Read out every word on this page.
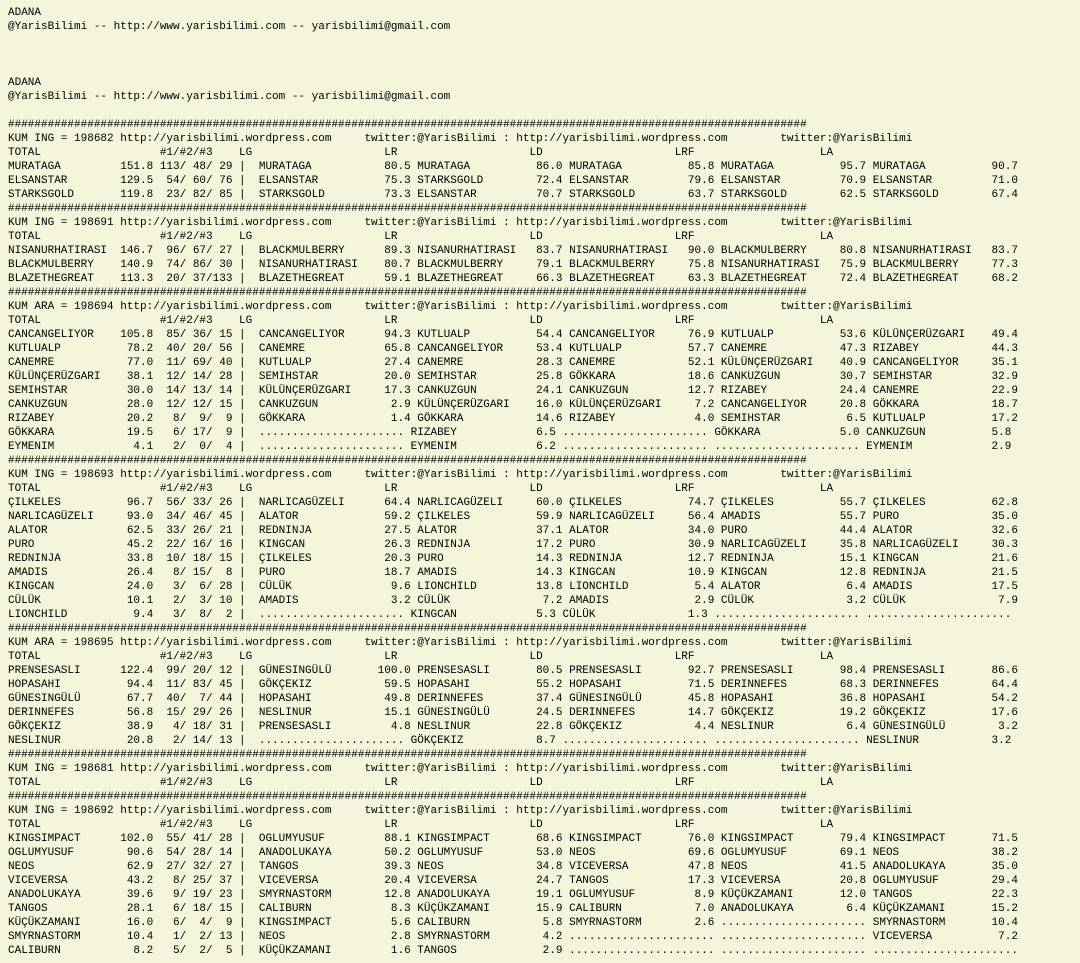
ADANA
@YarisBilimi -- http://www.yarisbilimi.com -- yarisbilimi@gmail.com
ADANA
@YarisBilimi -- http://www.yarisbilimi.com -- yarisbilimi@gmail.com
#########################################################################################################################
KUM ING = 198682 http://yarisbilimi.wordpress.com     twitter:@YarisBilimi : http://yarisbilimi.wordpress.com        twitter:@YarisBilimi
TOTAL                  #1/#2/#3    LG                    LR                    LD                    LRF                   LA
MURATAGA         151.8 113/ 48/ 29 |  MURATAGA           80.5 MURATAGA          86.0 MURATAGA          85.8 MURATAGA          95.7 MURATAGA          90.7
ELSANSTAR        129.5  54/ 60/ 76 |  ELSANSTAR          75.3 STARKSGOLD        72.4 ELSANSTAR         79.6 ELSANSTAR         70.9 ELSANSTAR         71.0
STARKSGOLD       119.8  23/ 82/ 85 |  STARKSGOLD         73.3 ELSANSTAR         70.7 STARKSGOLD        63.7 STARKSGOLD        62.5 STARKSGOLD        67.4
#########################################################################################################################
KUM ING = 198691 http://yarisbilimi.wordpress.com     twitter:@YarisBilimi : http://yarisbilimi.wordpress.com        twitter:@YarisBilimi
TOTAL                  #1/#2/#3    LG                    LR                    LD                    LRF                   LA
NISANURHATIRASI  146.7  96/ 67/ 27 |  BLACKMULBERRY      89.3 NISANURHATIRASI   83.7 NISANURHATIRASI   90.0 BLACKMULBERRY     80.8 NISANURHATIRASI   83.7
BLACKMULBERRY    140.9  74/ 86/ 30 |  NISANURHATIRASI    80.7 BLACKMULBERRY     79.1 BLACKMULBERRY     75.8 NISANURHATIRASI   75.9 BLACKMULBERRY     77.3
BLAZETHEGREAT    113.3  20/ 37/133 |  BLAZETHEGREAT      59.1 BLAZETHEGREAT     66.3 BLAZETHEGREAT     63.3 BLAZETHEGREAT     72.4 BLAZETHEGREAT     68.2
#########################################################################################################################
KUM ARA = 198694 http://yarisbilimi.wordpress.com     twitter:@YarisBilimi : http://yarisbilimi.wordpress.com        twitter:@YarisBilimi
TOTAL                  #1/#2/#3    LG                    LR                    LD                    LRF                   LA
CANCANGELIYOR    105.8  85/ 36/ 15 |  CANCANGELIYOR      94.3 KUTLUALP          54.4 CANCANGELIYOR     76.9 KUTLUALP          53.6 KÜLÜNÇERÜZGARI    49.4
KUTLUALP          78.2  40/ 20/ 56 |  CANEMRE            65.8 CANCANGELIYOR     53.4 KUTLUALP          57.7 CANEMRE           47.3 RIZABEY           44.3
CANEMRE           77.0  11/ 69/ 40 |  KUTLUALP           27.4 CANEMRE           28.3 CANEMRE           52.1 KÜLÜNÇERÜZGARI    40.9 CANCANGELIYOR     35.1
KÜLÜNÇERÜZGARI    38.1  12/ 14/ 28 |  SEMIHSTAR          20.0 SEMIHSTAR         25.8 GÖKKARA           18.6 CANKUZGUN         30.7 SEMIHSTAR         32.9
SEMIHSTAR         30.0  14/ 13/ 14 |  KÜLÜNÇERÜZGARI     17.3 CANKUZGUN         24.1 CANKUZGUN         12.7 RIZABEY           24.4 CANEMRE           22.9
CANKUZGUN         28.0  12/ 12/ 15 |  CANKUZGUN           2.9 KÜLÜNÇERÜZGARI    16.0 KÜLÜNÇERÜZGARI     7.2 CANCANGELIYOR     20.8 GÖKKARA           18.7
RIZABEY           20.2   8/  9/  9 |  GÖKKARA             1.4 GÖKKARA           14.6 RIZABEY            4.0 SEMIHSTAR          6.5 KUTLUALP          17.2
GÖKKARA           19.5   6/ 17/  9 |  ...................... RIZABEY            6.5 ...................... GÖKKARA            5.0 CANKUZGUN          5.8
EYMENIM            4.1   2/  0/  4 |  ...................... EYMENIM            6.2 ...................... ...................... EYMENIM            2.9
#########################################################################################################################
KUM ING = 198693 http://yarisbilimi.wordpress.com     twitter:@YarisBilimi : http://yarisbilimi.wordpress.com        twitter:@YarisBilimi
TOTAL                  #1/#2/#3    LG                    LR                    LD                    LRF                   LA
ÇILKELES          96.7  56/ 33/ 26 |  NARLICAGÜZELI      64.4 NARLICAGÜZELI     60.0 ÇILKELES          74.7 ÇILKELES          55.7 ÇILKELES          62.8
NARLICAGÜZELI     93.0  34/ 46/ 45 |  ALATOR             59.2 ÇILKELES          59.9 NARLICAGÜZELI     56.4 AMADIS            55.7 PURO              35.0
ALATOR            62.5  33/ 26/ 21 |  REDNINJA           27.5 ALATOR            37.1 ALATOR            34.0 PURO              44.4 ALATOR            32.6
PURO              45.2  22/ 16/ 16 |  KINGCAN            26.3 REDNINJA          17.2 PURO              30.9 NARLICAGÜZELI     35.8 NARLICAGÜZELI     30.3
REDNINJA          33.8  10/ 18/ 15 |  ÇILKELES           20.3 PURO              14.3 REDNINJA          12.7 REDNINJA          15.1 KINGCAN           21.6
AMADIS            26.4   8/ 15/  8 |  PURO               18.7 AMADIS            14.3 KINGCAN           10.9 KINGCAN           12.8 REDNINJA          21.5
KINGCAN           24.0   3/  6/ 28 |  CÜLÜK               9.6 LIONCHILD         13.8 LIONCHILD          5.4 ALATOR             6.4 AMADIS            17.5
CÜLÜK             10.1   2/  3/ 10 |  AMADIS              3.2 CÜLÜK              7.2 AMADIS             2.9 CÜLÜK              3.2 CÜLÜK              7.9
LIONCHILD          9.4   3/  8/  2 |  ...................... KINGCAN            5.3 CÜLÜK              1.3 ...................... ......................
#########################################################################################################################
KUM ARA = 198695 http://yarisbilimi.wordpress.com     twitter:@YarisBilimi : http://yarisbilimi.wordpress.com        twitter:@YarisBilimi
TOTAL                  #1/#2/#3    LG                    LR                    LD                    LRF                   LA
PRENSESASLI      122.4  99/ 20/ 12 |  GÜNESINGÜLÜ       100.0 PRENSESASLI       80.5 PRENSESASLI       92.7 PRENSESASLI       98.4 PRENSESASLI       86.6
HOPASAHI          94.4  11/ 83/ 45 |  GÖKÇEKIZ           59.5 HOPASAHI          55.2 HOPASAHI          71.5 DERINNEFES        68.3 DERINNEFES        64.4
GÜNESINGÜLÜ       67.7  40/  7/ 44 |  HOPASAHI           49.8 DERINNEFES        37.4 GÜNESINGÜLÜ       45.8 HOPASAHI          36.8 HOPASAHI          54.2
DERINNEFES        56.8  15/ 29/ 26 |  NESLINUR           15.1 GÜNESINGÜLÜ       24.5 DERINNEFES        14.7 GÖKÇEKIZ          19.2 GÖKÇEKIZ          17.6
GÖKÇEKIZ          38.9   4/ 18/ 31 |  PRENSESASLI         4.8 NESLINUR          22.8 GÖKÇEKIZ           4.4 NESLINUR           6.4 GÜNESINGÜLÜ        3.2
NESLINUR          20.8   2/ 14/ 13 |  ...................... GÖKÇEKIZ           8.7 ...................... ...................... NESLINUR           3.2
#########################################################################################################################
KUM ING = 198681 http://yarisbilimi.wordpress.com     twitter:@YarisBilimi : http://yarisbilimi.wordpress.com        twitter:@YarisBilimi
TOTAL                  #1/#2/#3    LG                    LR                    LD                    LRF                   LA
#########################################################################################################################
KUM ING = 198692 http://yarisbilimi.wordpress.com     twitter:@YarisBilimi : http://yarisbilimi.wordpress.com        twitter:@YarisBilimi
TOTAL                  #1/#2/#3    LG                    LR                    LD                    LRF                   LA
KINGSIMPACT      102.0  55/ 41/ 28 |  OGLUMYUSUF         88.1 KINGSIMPACT       68.6 KINGSIMPACT       76.0 KINGSIMPACT       79.4 KINGSIMPACT       71.5
OGLUMYUSUF        90.6  54/ 28/ 14 |  ANADOLUKAYA        50.2 OGLUMYUSUF        53.0 NEOS              69.6 OGLUMYUSUF        69.1 NEOS              38.2
NEOS              62.9  27/ 32/ 27 |  TANGOS             39.3 NEOS              34.8 VICEVERSA         47.8 NEOS              41.5 ANADOLUKAYA       35.0
VICEVERSA         43.2   8/ 25/ 37 |  VICEVERSA          20.4 VICEVERSA         24.7 TANGOS            17.3 VICEVERSA         20.8 OGLUMYUSUF        29.4
ANADOLUKAYA       39.6   9/ 19/ 23 |  SMYRNASTORM        12.8 ANADOLUKAYA       19.1 OGLUMYUSUF         8.9 KÜÇÜKZAMANI       12.0 TANGOS            22.3
TANGOS            28.1   6/ 18/ 15 |  CALIBURN            8.3 KÜÇÜKZAMANI       15.9 CALIBURN           7.0 ANADOLUKAYA        6.4 KÜÇÜKZAMANI       15.2
KÜÇÜKZAMANI       16.0   6/  4/  9 |  KINGSIMPACT         5.6 CALIBURN           5.8 SMYRNASTORM        2.6 ...................... SMYRNASTORM       10.4
SMYRNASTORM       10.4   1/  2/ 13 |  NEOS                2.8 SMYRNASTORM        4.2 ...................... ...................... VICEVERSA          7.2
CALIBURN           8.2   5/  2/  5 |  KÜÇÜKZAMANI         1.6 TANGOS             2.9 ...................... ...................... ......................
